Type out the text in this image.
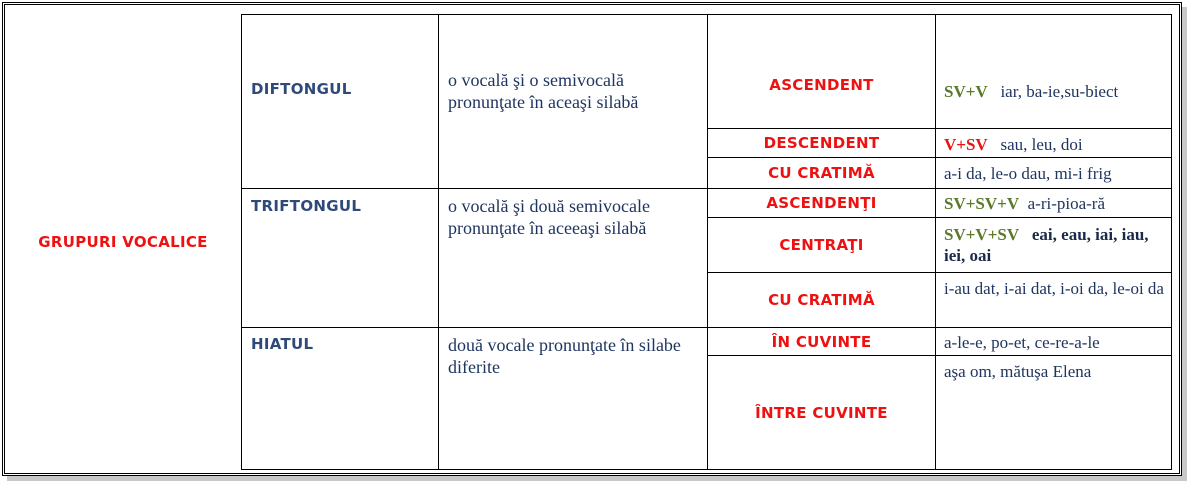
GRUPURI VOCALICE
DIFTONGUL
TRIFTONGUL
HIATUL
o vocală şi o semivocală pronunţate în aceaşi silabă
o vocală şi două semivocale pronunţate în aceeaşi silabă
două vocale pronunţate în silabe diferite
ASCENDENT
DESCENDENT
CU CRATIMĂ
ASCENDENŢI
CENTRAŢI
CU CRATIMĂ
ÎN CUVINTE
ÎNTRE CUVINTE
SV+V iar, ba-ie,su-biect
V+SV sau, leu, doi
a-i da, le-o dau, mi-i frig
SV+SV+V a-ri-pioa-ră
SV+V+SV eai, eau, iai, iau, iei, oai
i-au dat, i-ai dat, i-oi da, le-oi da
a-le-e, po-et, ce-re-a-le
aşa om, mătuşa Elena
